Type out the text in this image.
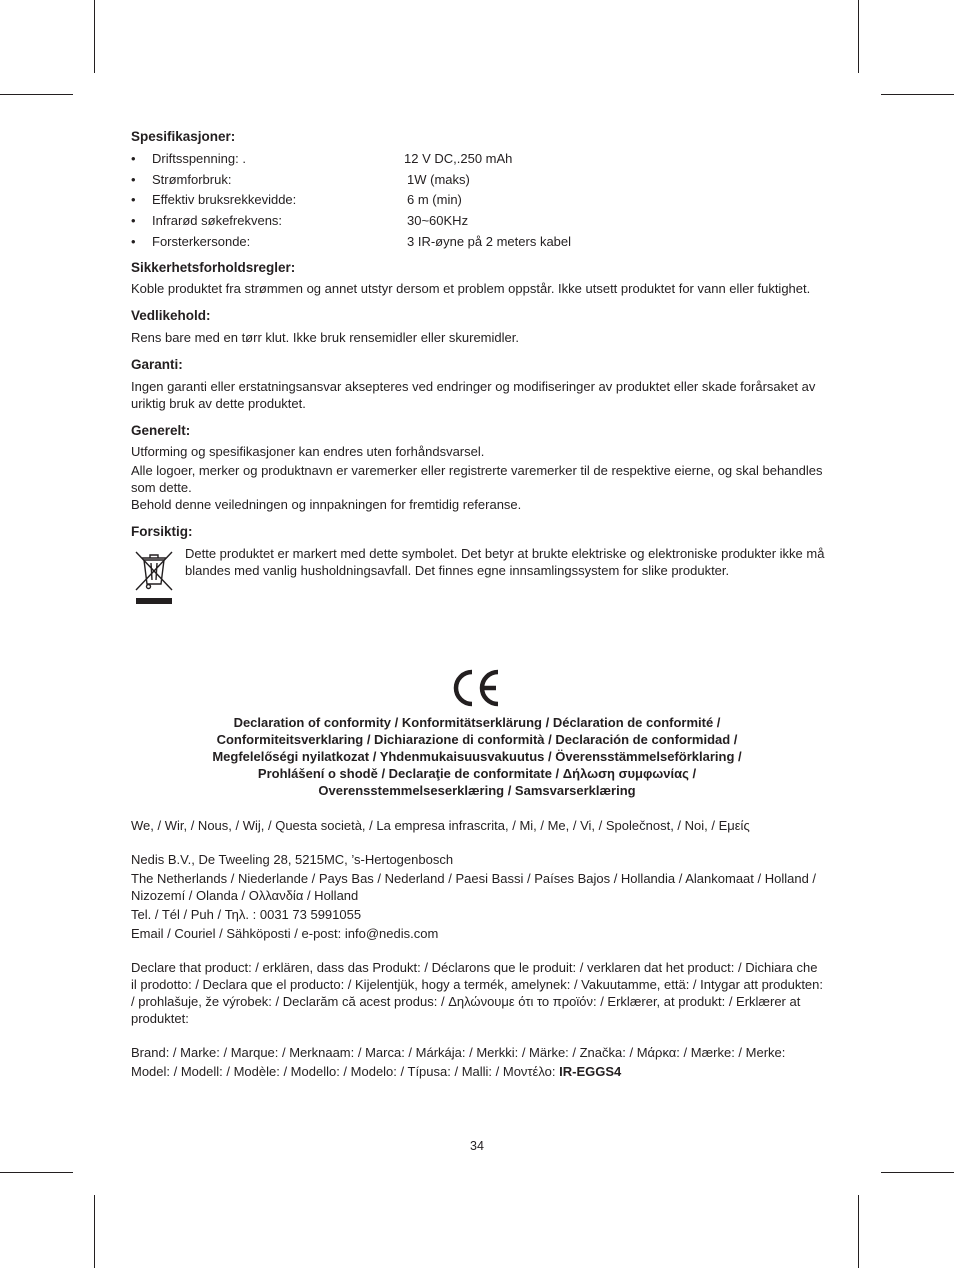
Spesifikasjoner:
• Driftsspenning: .	12 V DC,.250 mAh
• Strømforbruk:	1W (maks)
• Effektiv bruksrekkevidde:	6 m (min)
• Infrarød søkefrekvens:	30~60KHz
• Forsterkersonde:	3 IR-øyne på 2 meters kabel
Sikkerhetsforholdsregler:

Koble produktet fra strømmen og annet utstyr dersom et problem oppstår. Ikke utsett produktet for vann eller fuktighet.

Vedlikehold:

Rens bare med en tørr klut. Ikke bruk rensemidler eller skuremidler.

Garanti:

Ingen garanti eller erstatningsansvar aksepteres ved endringer og modifiseringer av produktet eller skade forårsaket av uriktig bruk av dette produktet.

Generelt:

Utforming og spesifikasjoner kan endres uten forhåndsvarsel.

Alle logoer, merker og produktnavn er varemerker eller registrerte varemerker til de respektive eierne, og skal behandles som dette.

Behold denne veiledningen og innpakningen for fremtidig referanse.

Forsiktig:

Dette produktet er markert med dette symbolet. Det betyr at brukte elektriske og elektroniske produkter ikke må blandes med vanlig husholdningsavfall. Det finnes egne innsamlingssystem for slike produkter.

Declaration of conformity / Konformitätserklärung / Déclaration de conformité /
Conformiteitsverklaring / Dichiarazione di conformità / Declaración de conformidad /
Megfelelőségi nyilatkozat / Yhdenmukaisuusvakuutus / Överensstämmelseförklaring /
Prohlášení o shodě / Declaraţie de conformitate / Δήλωση συμφωνίας /
Overensstemmelseserklæring / Samsvarserklæring

We, / Wir, / Nous, / Wij, / Questa società, / La empresa infrascrita, / Mi, / Me, / Vi, / Společnost, / Noi, / Εμείς

Nedis B.V., De Tweeling 28, 5215MC, ’s-Hertogenbosch

The Netherlands / Niederlande / Pays Bas / Nederland / Paesi Bassi / Países Bajos / Hollandia / Alankomaat / Holland / Nizozemí / Olanda / Ολλανδία / Holland

Tel. / Tél / Puh / Τηλ. : 0031 73 5991055

Email / Couriel / Sähköposti / e-post: info@nedis.com

Declare that product: / erklären, dass das Produkt: / Déclarons que le produit: / verklaren dat het product: / Dichiara che il prodotto: / Declara que el producto: / Kijelentjük, hogy a termék, amelynek: / Vakuutamme, että: / Intygar att produkten: / prohlašuje, že výrobek: / Declarăm că acest produs: / Δηλώνουμε ότι το προϊόν: / Erklærer, at produkt: / Erklærer at produktet:

Brand: / Marke: / Marque: / Merknaam: / Marca: / Márkája: / Merkki: / Märke: / Značka: / Μάρκα: / Mærke: / Merke:

Model: / Modell: / Modèle: / Modello: / Modelo: / Típusa: / Malli: / Μοντέλο: IR-EGGS4

34
